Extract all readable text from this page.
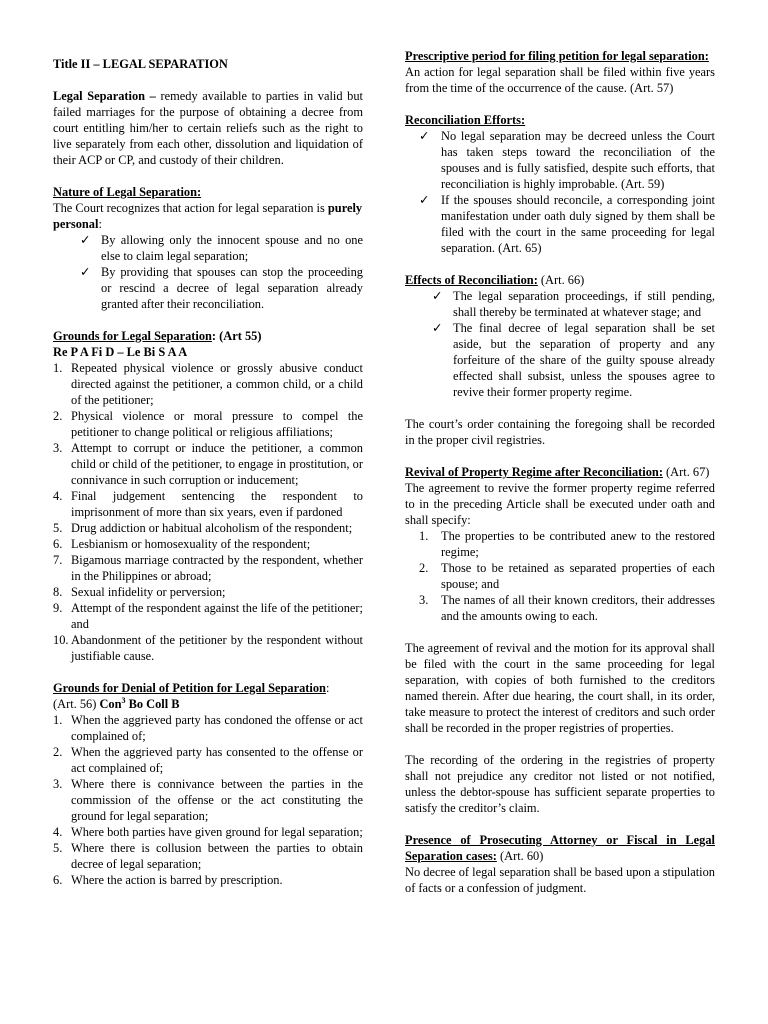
Title II – LEGAL SEPARATION

Legal Separation – remedy available to parties in valid but failed marriages for the purpose of obtaining a decree from court entitling him/her to certain reliefs such as the right to live separately from each other, dissolution and liquidation of their ACP or CP, and custody of their children.

Nature of Legal Separation:

The Court recognizes that action for legal separation is purely personal:

✓ By allowing only the innocent spouse and no one else to claim legal separation;
✓ By providing that spouses can stop the proceeding or rescind a decree of legal separation already granted after their reconciliation.

Grounds for Legal Separation: (Art 55)

Re P A Fi D – Le Bi S A A

1. Repeated physical violence or grossly abusive conduct directed against the petitioner, a common child, or a child of the petitioner;
2. Physical violence or moral pressure to compel the petitioner to change political or religious affiliations;
3. Attempt to corrupt or induce the petitioner, a common child or child of the petitioner, to engage in prostitution, or connivance in such corruption or inducement;
4. Final judgement sentencing the respondent to imprisonment of more than six years, even if pardoned
5. Drug addiction or habitual alcoholism of the respondent;
6. Lesbianism or homosexuality of the respondent;
7. Bigamous marriage contracted by the respondent, whether in the Philippines or abroad;
8. Sexual infidelity or perversion;
9. Attempt of the respondent against the life of the petitioner; and
10. Abandonment of the petitioner by the respondent without justifiable cause.

Grounds for Denial of Petition for Legal Separation:

(Art. 56) Con$^3$ Bo Coll B

1. When the aggrieved party has condoned the offense or act complained of;
2. When the aggrieved party has consented to the offense or act complained of;
3. Where there is connivance between the parties in the commission of the offense or the act constituting the ground for legal separation;
4. Where both parties have given ground for legal separation;
5. Where there is collusion between the parties to obtain decree of legal separation;
6. Where the action is barred by prescription.

Prescriptive period for filing petition for legal separation:

An action for legal separation shall be filed within five years from the time of the occurrence of the cause. (Art. 57)

Reconciliation Efforts:

✓ No legal separation may be decreed unless the Court has taken steps toward the reconciliation of the spouses and is fully satisfied, despite such efforts, that reconciliation is highly improbable. (Art. 59)
✓ If the spouses should reconcile, a corresponding joint manifestation under oath duly signed by them shall be filed with the court in the same proceeding for legal separation. (Art. 65)

Effects of Reconciliation: (Art. 66)

✓ The legal separation proceedings, if still pending, shall thereby be terminated at whatever stage; and
✓ The final decree of legal separation shall be set aside, but the separation of property and any forfeiture of the share of the guilty spouse already effected shall subsist, unless the spouses agree to revive their former property regime.

The court’s order containing the foregoing shall be recorded in the proper civil registries.

Revival of Property Regime after Reconciliation: (Art. 67)

The agreement to revive the former property regime referred to in the preceding Article shall be executed under oath and shall specify:

1. The properties to be contributed anew to the restored regime;
2. Those to be retained as separated properties of each spouse; and
3. The names of all their known creditors, their addresses and the amounts owing to each.

The agreement of revival and the motion for its approval shall be filed with the court in the same proceeding for legal separation, with copies of both furnished to the creditors named therein. After due hearing, the court shall, in its order, take measure to protect the interest of creditors and such order shall be recorded in the proper registries of properties.

The recording of the ordering in the registries of property shall not prejudice any creditor not listed or not notified, unless the debtor-spouse has sufficient separate properties to satisfy the creditor’s claim.

Presence of Prosecuting Attorney or Fiscal in Legal Separation cases: (Art. 60)

No decree of legal separation shall be based upon a stipulation of facts or a confession of judgment.
